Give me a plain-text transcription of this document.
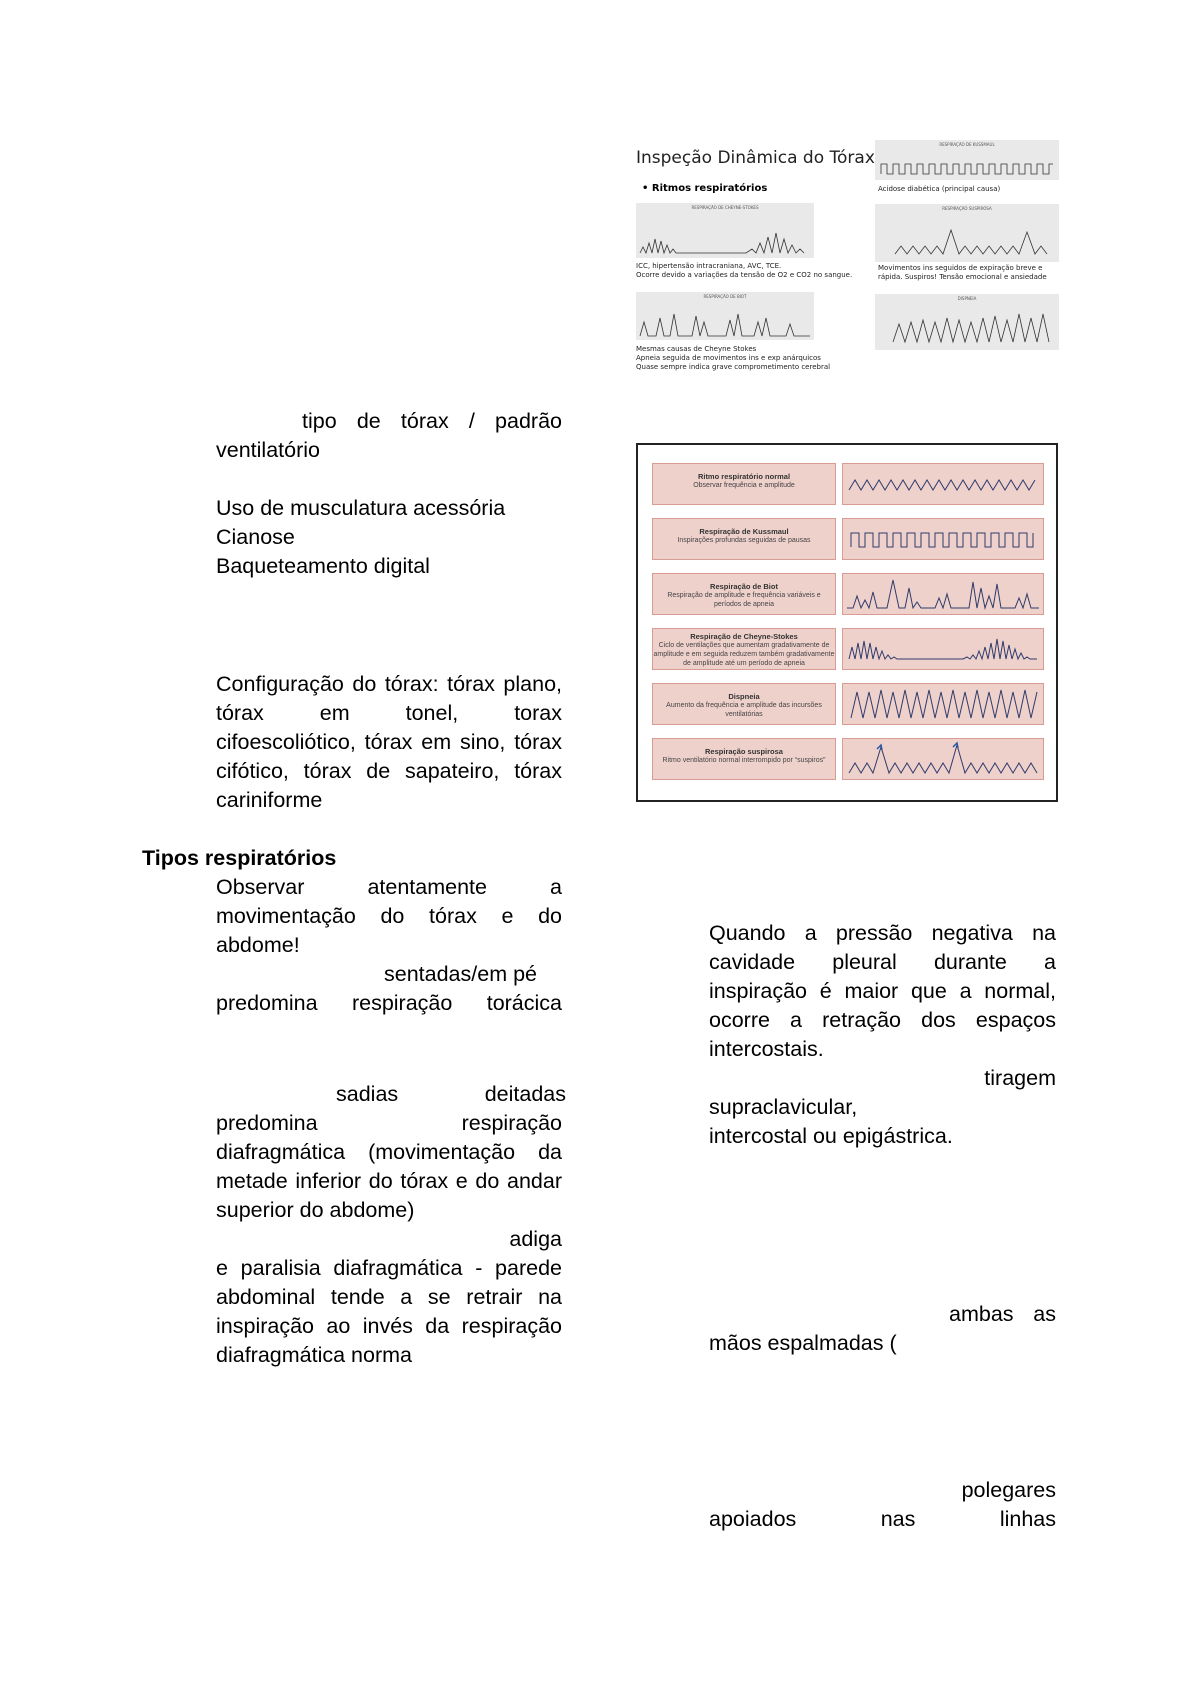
Inspeção Dinâmica do Tórax
• Ritmos respiratórios
RESPIRAÇÃO DE CHEYNE-STOKES
ICC, hipertensão intracraniana, AVC, TCE.
Ocorre devido a variações da tensão de O2 e CO2 no sangue.
RESPIRAÇÃO DE BIOT
Mesmas causas de Cheyne Stokes
Apneia seguida de movimentos ins e exp anárquicos
Quase sempre indica grave comprometimento cerebral
RESPIRAÇÃO DE KUSSMAUL
Acidose diabética (principal causa)
RESPIRAÇÃO SUSPIROSA
Movimentos ins seguidos de expiração breve e
rápida. Suspiros! Tensão emocional e ansiedade
DISPNEIA
Ritmo respiratório normal
Observar frequência e amplitude
Respiração de Kussmaul
Inspirações profundas seguidas de pausas
Respiração de Biot
Respiração de amplitude e frequência variáveis e períodos de apneia
Respiração de Cheyne-Stokes
Ciclo de ventilações que aumentam gradativamente de amplitude e em seguida reduzem também gradativamente de amplitude até um período de apneia
Dispneia
Aumento da frequência e amplitude das incursões ventilatórias
Respiração suspirosa
Ritmo ventilatório normal interrompido por “suspiros”
tipo de tórax / padrão
ventilatório
Uso de musculatura acessória
Cianose
Baqueteamento digital
Configuração do tórax: tórax plano,
tórax em tonel, torax
cifoescoliótico, tórax em sino, tórax
cifótico, tórax de sapateiro, tórax
cariniforme
Tipos respiratórios
Observar atentamente a
movimentação do tórax e do
abdome!
sentadas/em pé
predomina respiração torácica
sadias deitadas
predomina respiração
diafragmática (movimentação da
metade inferior do tórax e do andar
superior do abdome)
adiga
e paralisia diafragmática - parede
abdominal tende a se retrair na
inspiração ao invés da respiração
diafragmática norma
Quando a pressão negativa na
cavidade pleural durante a
inspiração é maior que a normal,
ocorre a retração dos espaços
intercostais.
tiragem
supraclavicular,
intercostal ou epigástrica.
ambas as
mãos espalmadas (
polegares
apoiados nas linhas
